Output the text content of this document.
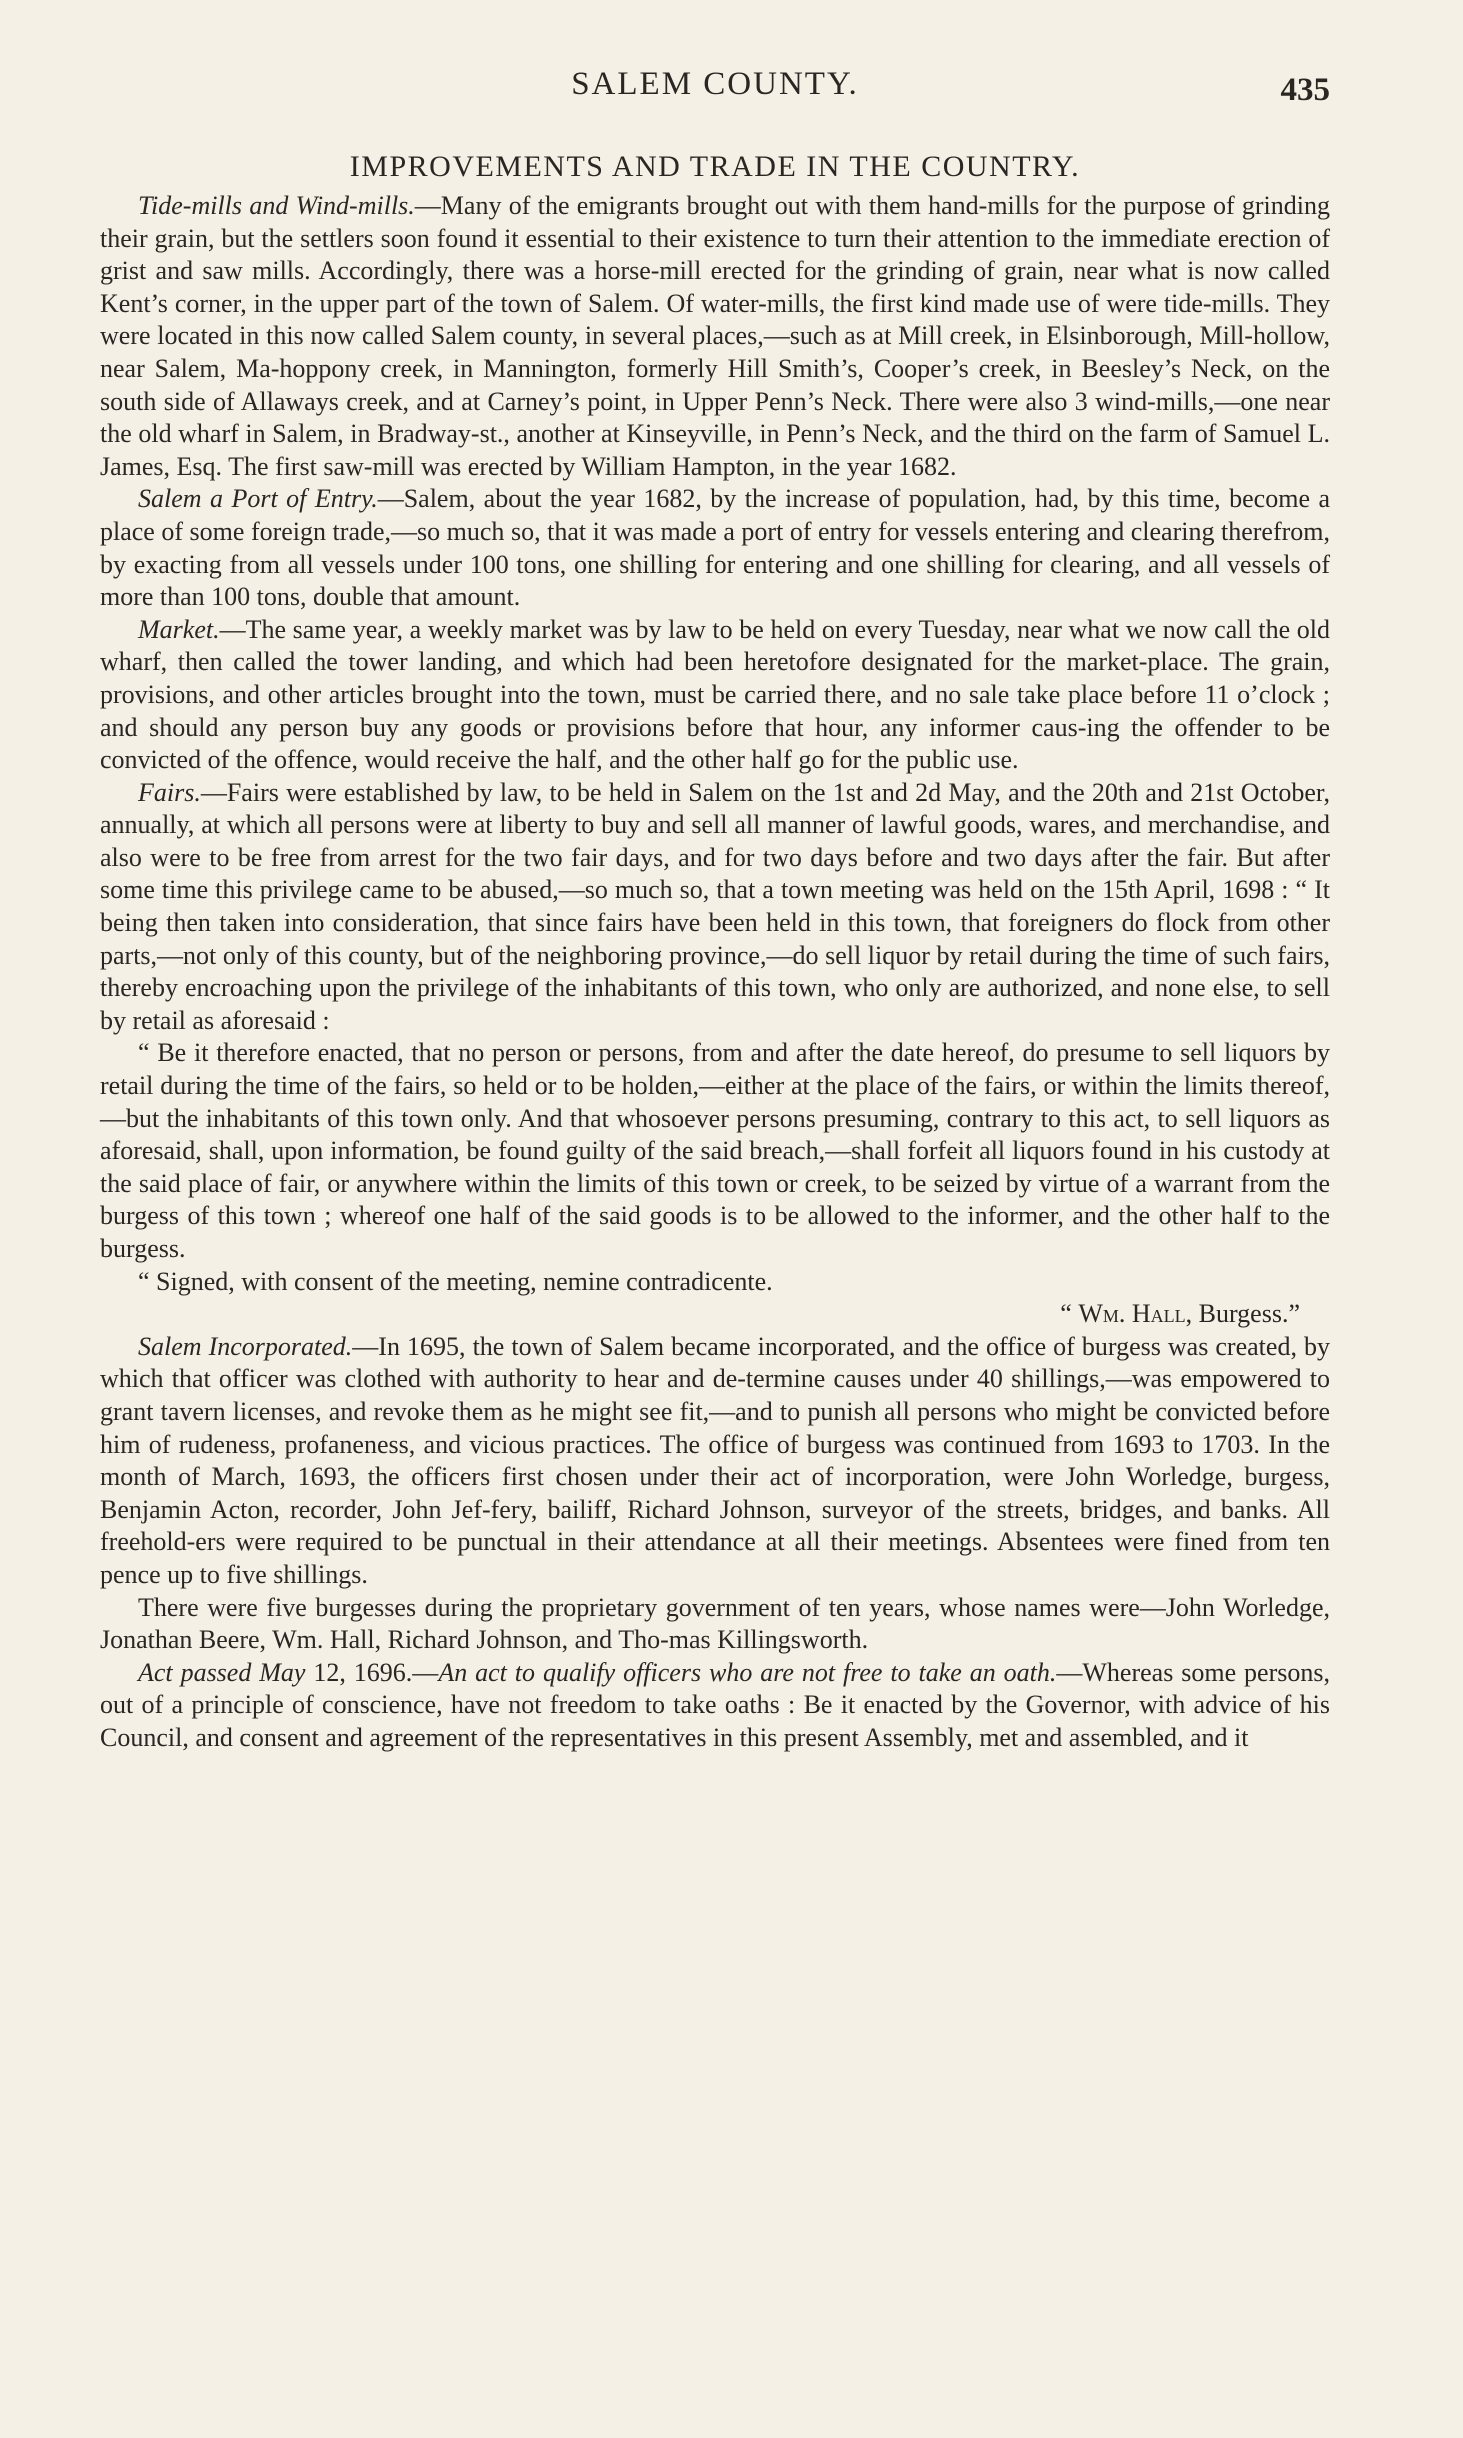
SALEM COUNTY.	435
IMPROVEMENTS AND TRADE IN THE COUNTRY.

Tide-mills and Wind-mills.—Many of the emigrants brought out with them hand-mills for the purpose of grinding their grain, but the settlers soon found it essential to their existence to turn their attention to the immediate erection of grist and saw mills. Accordingly, there was a horse-mill erected for the grinding of grain, near what is now called Kent’s corner, in the upper part of the town of Salem. Of water-mills, the first kind made use of were tide-mills. They were located in this now called Salem county, in several places,—such as at Mill creek, in Elsinborough, Mill-hollow, near Salem, Ma-hoppony creek, in Mannington, formerly Hill Smith’s, Cooper’s creek, in Beesley’s Neck, on the south side of Allaways creek, and at Carney’s point, in Upper Penn’s Neck. There were also 3 wind-mills,—one near the old wharf in Salem, in Bradway-st., another at Kinseyville, in Penn’s Neck, and the third on the farm of Samuel L. James, Esq. The first saw-mill was erected by William Hampton, in the year 1682.

Salem a Port of Entry.—Salem, about the year 1682, by the increase of population, had, by this time, become a place of some foreign trade,—so much so, that it was made a port of entry for vessels entering and clearing therefrom, by exacting from all vessels under 100 tons, one shilling for entering and one shilling for clearing, and all vessels of more than 100 tons, double that amount.

Market.—The same year, a weekly market was by law to be held on every Tuesday, near what we now call the old wharf, then called the tower landing, and which had been heretofore designated for the market-place. The grain, provisions, and other articles brought into the town, must be carried there, and no sale take place before 11 o’clock ; and should any person buy any goods or provisions before that hour, any informer caus-ing the offender to be convicted of the offence, would receive the half, and the other half go for the public use.

Fairs.—Fairs were established by law, to be held in Salem on the 1st and 2d May, and the 20th and 21st October, annually, at which all persons were at liberty to buy and sell all manner of lawful goods, wares, and merchandise, and also were to be free from arrest for the two fair days, and for two days before and two days after the fair. But after some time this privilege came to be abused,—so much so, that a town meeting was held on the 15th April, 1698 : “ It being then taken into consideration, that since fairs have been held in this town, that foreigners do flock from other parts,—not only of this county, but of the neighboring province,—do sell liquor by retail during the time of such fairs, thereby encroaching upon the privilege of the inhabitants of this town, who only are authorized, and none else, to sell by retail as aforesaid :

“ Be it therefore enacted, that no person or persons, from and after the date hereof, do presume to sell liquors by retail during the time of the fairs, so held or to be holden,—either at the place of the fairs, or within the limits thereof,—but the inhabitants of this town only. And that whosoever persons presuming, contrary to this act, to sell liquors as aforesaid, shall, upon information, be found guilty of the said breach,—shall forfeit all liquors found in his custody at the said place of fair, or anywhere within the limits of this town or creek, to be seized by virtue of a warrant from the burgess of this town ; whereof one half of the said goods is to be allowed to the informer, and the other half to the burgess.

“ Signed, with consent of the meeting, nemine contradicente.

“ Wm. Hall, Burgess.”

Salem Incorporated.—In 1695, the town of Salem became incorporated, and the office of burgess was created, by which that officer was clothed with authority to hear and de-termine causes under 40 shillings,—was empowered to grant tavern licenses, and revoke them as he might see fit,—and to punish all persons who might be convicted before him of rudeness, profaneness, and vicious practices. The office of burgess was continued from 1693 to 1703. In the month of March, 1693, the officers first chosen under their act of incorporation, were John Worledge, burgess, Benjamin Acton, recorder, John Jef-fery, bailiff, Richard Johnson, surveyor of the streets, bridges, and banks. All freehold-ers were required to be punctual in their attendance at all their meetings. Absentees were fined from ten pence up to five shillings.

There were five burgesses during the proprietary government of ten years, whose names were—John Worledge, Jonathan Beere, Wm. Hall, Richard Johnson, and Tho-mas Killingsworth.

Act passed May 12, 1696.—An act to qualify officers who are not free to take an oath.—Whereas some persons, out of a principle of conscience, have not freedom to take oaths : Be it enacted by the Governor, with advice of his Council, and consent and agreement of the representatives in this present Assembly, met and assembled, and it
